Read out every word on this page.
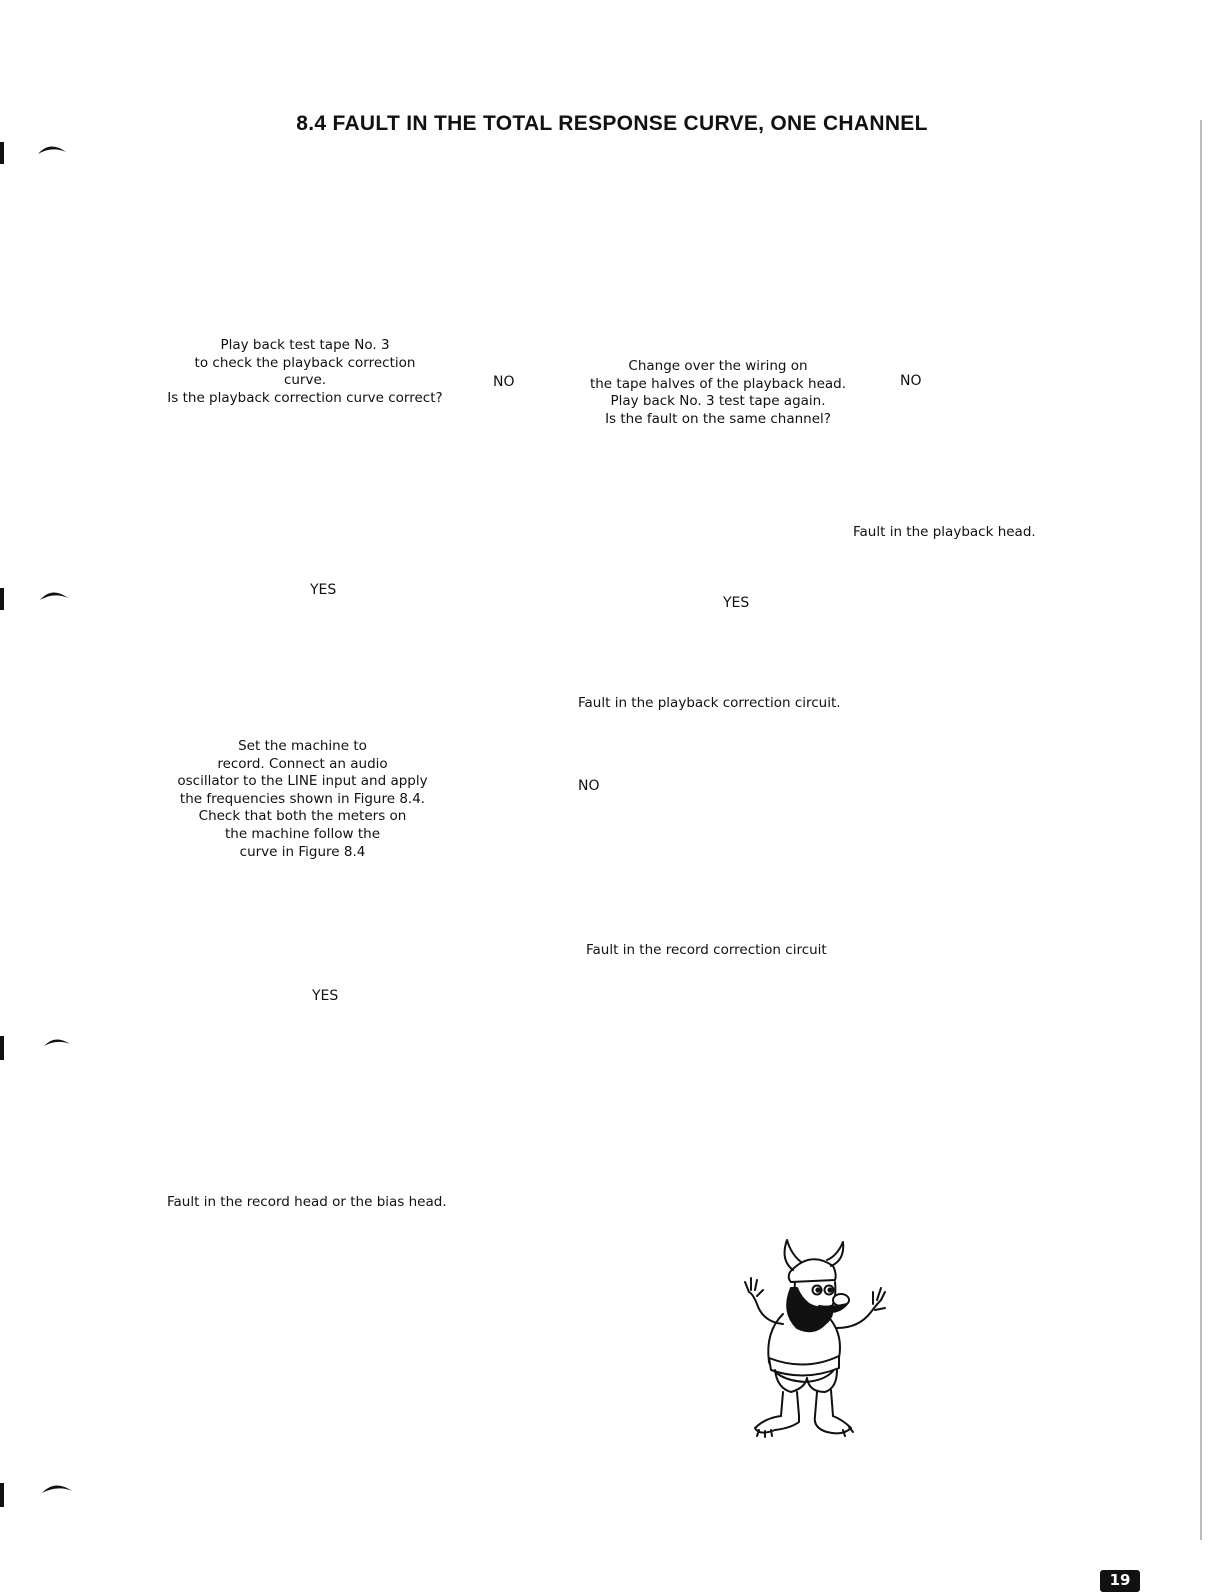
8.4 FAULT IN THE TOTAL RESPONSE CURVE, ONE CHANNEL
Play back test tape No. 3
to check the playback correction
curve.
Is the playback correction curve correct?
NO
YES
Change over the wiring on
the tape halves of the playback head.
Play back No. 3 test tape again.
Is the fault on the same channel?
NO
YES
Fault in the playback head.
Fault in the playback correction circuit.
Set the machine to
record. Connect an audio
oscillator to the LINE input and apply
the frequencies shown in Figure 8.4.
Check that both the meters on
the machine follow the
curve in Figure 8.4
NO
Fault in the record correction circuit
YES
Fault in the record head or the bias head.
19
